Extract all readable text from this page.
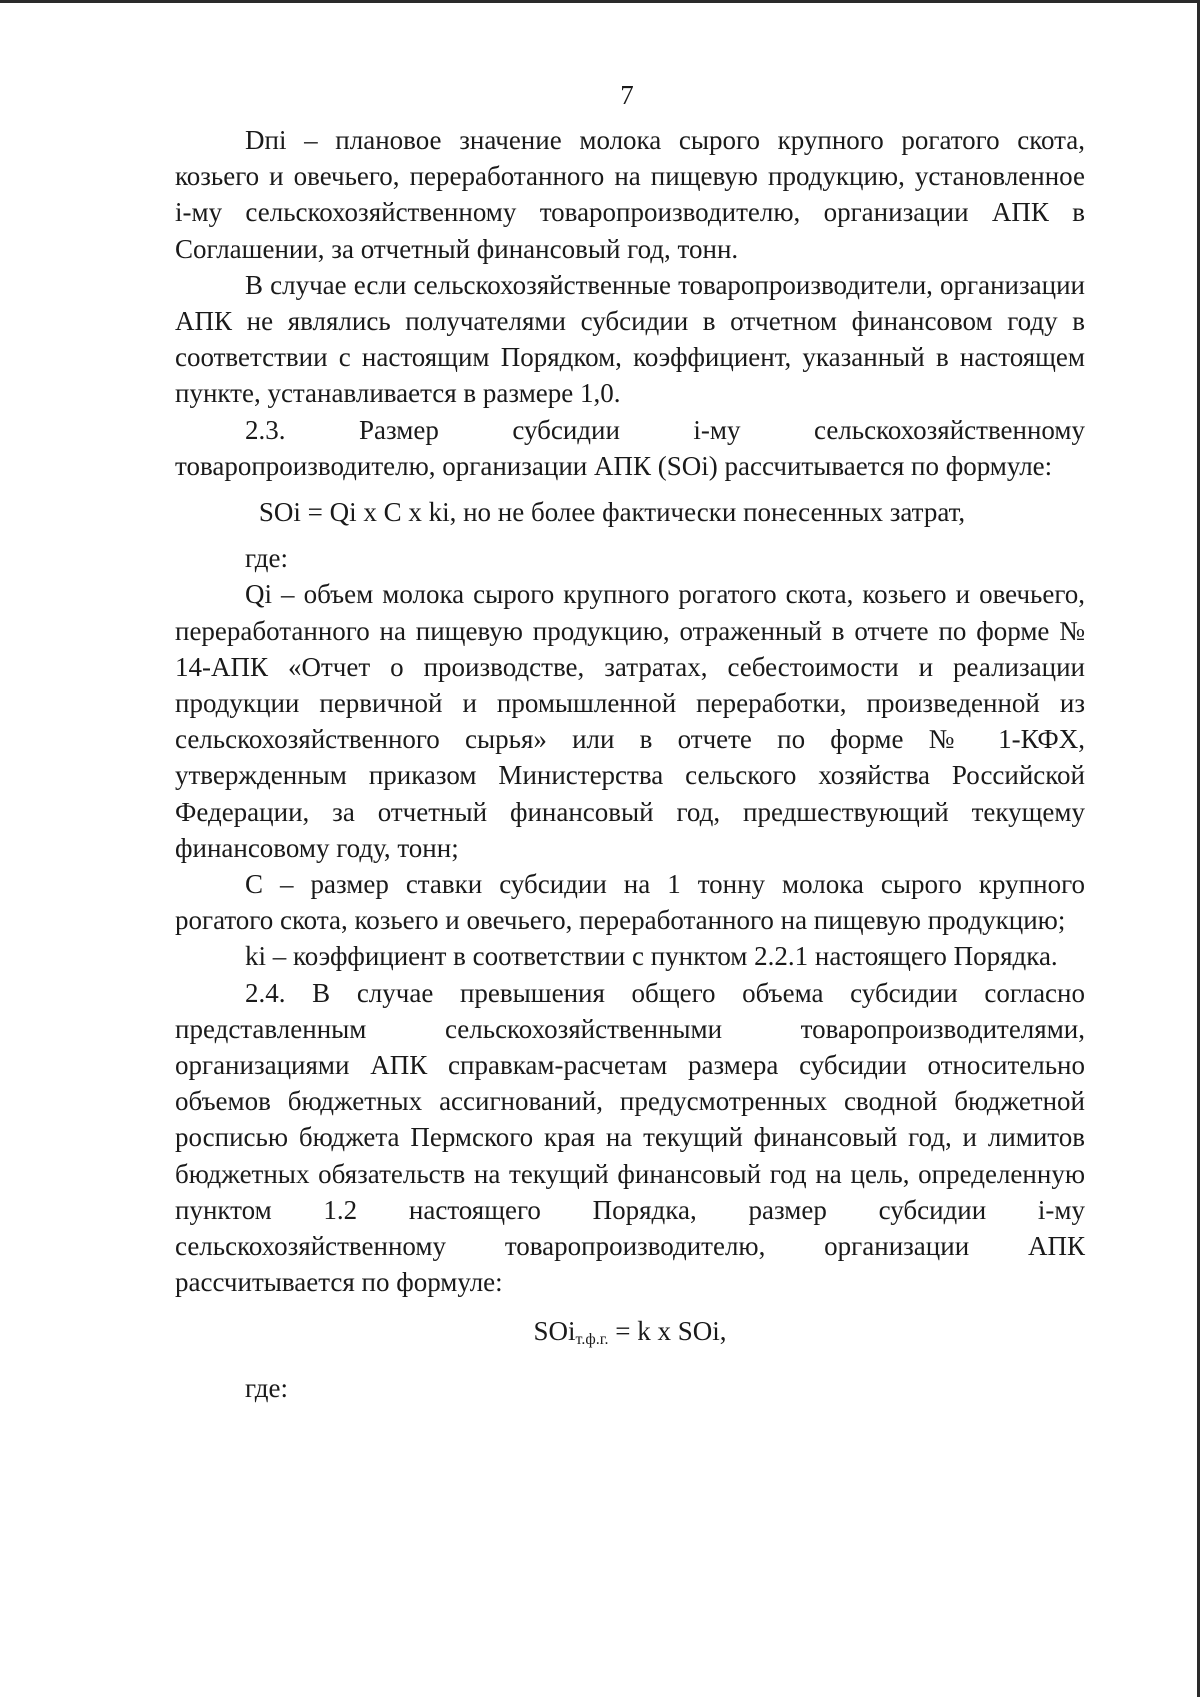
7

Dпi – плановое значение молока сырого крупного рогатого скота, козьего и овечьего, переработанного на пищевую продукцию, установленное i-му сельскохозяйственному товаропроизводителю, организации АПК в Соглашении, за отчетный финансовый год, тонн.

В случае если сельскохозяйственные товаропроизводители, организации АПК не являлись получателями субсидии в отчетном финансовом году в соответствии с настоящим Порядком, коэффициент, указанный в настоящем пункте, устанавливается в размере 1,0.

2.3. Размер субсидии i-му сельскохозяйственному товаропроизводителю, организации АПК (SOi) рассчитывается по формуле:

SOi = Qi x C x ki, но не более фактически понесенных затрат,

где:

Qi – объем молока сырого крупного рогатого скота, козьего и овечьего, переработанного на пищевую продукцию, отраженный в отчете по форме № 14-АПК «Отчет о производстве, затратах, себестоимости и реализации продукции первичной и промышленной переработки, произведенной из сельскохозяйственного сырья» или в отчете по форме № 1-КФХ, утвержденным приказом Министерства сельского хозяйства Российской Федерации, за отчетный финансовый год, предшествующий текущему финансовому году, тонн;

С – размер ставки субсидии на 1 тонну молока сырого крупного рогатого скота, козьего и овечьего, переработанного на пищевую продукцию;

ki – коэффициент в соответствии с пунктом 2.2.1 настоящего Порядка.

2.4. В случае превышения общего объема субсидии согласно представленным сельскохозяйственными товаропроизводителями, организациями АПК справкам-расчетам размера субсидии относительно объемов бюджетных ассигнований, предусмотренных сводной бюджетной росписью бюджета Пермского края на текущий финансовый год, и лимитов бюджетных обязательств на текущий финансовый год на цель, определенную пунктом 1.2 настоящего Порядка, размер субсидии i-му сельскохозяйственному товаропроизводителю, организации АПК рассчитывается по формуле:

SOi$_{т.ф.г.}$ = k x SOi,

где:
